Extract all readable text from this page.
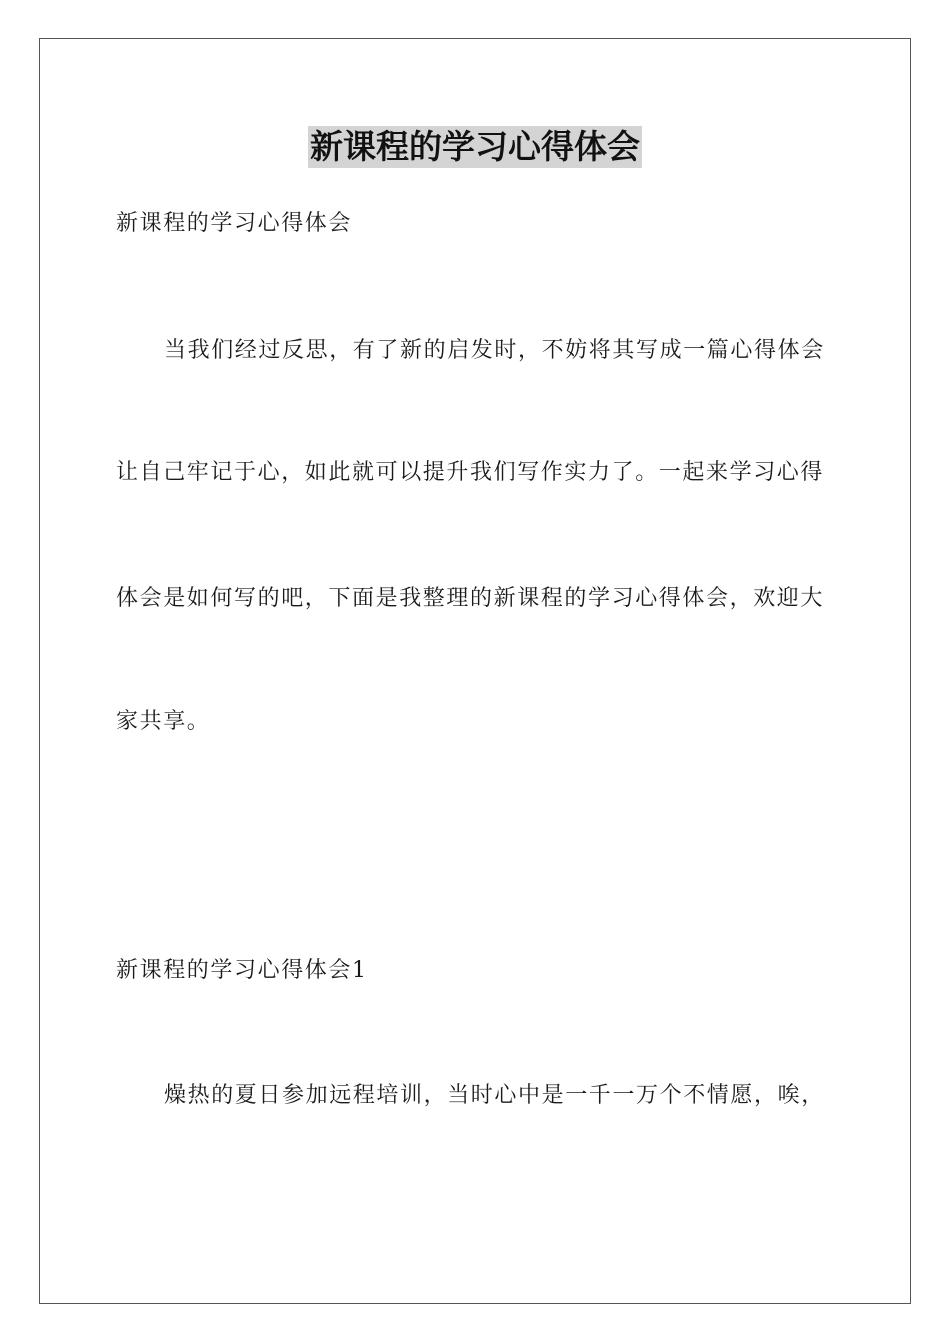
新课程的学习心得体会
新课程的学习心得体会
当我们经过反思，有了新的启发时，不妨将其写成一篇心得体会
让自己牢记于心，如此就可以提升我们写作实力了。一起来学习心得
体会是如何写的吧，下面是我整理的新课程的学习心得体会，欢迎大
家共享。
新课程的学习心得体会1
燥热的夏日参加远程培训，当时心中是一千一万个不情愿，唉，
